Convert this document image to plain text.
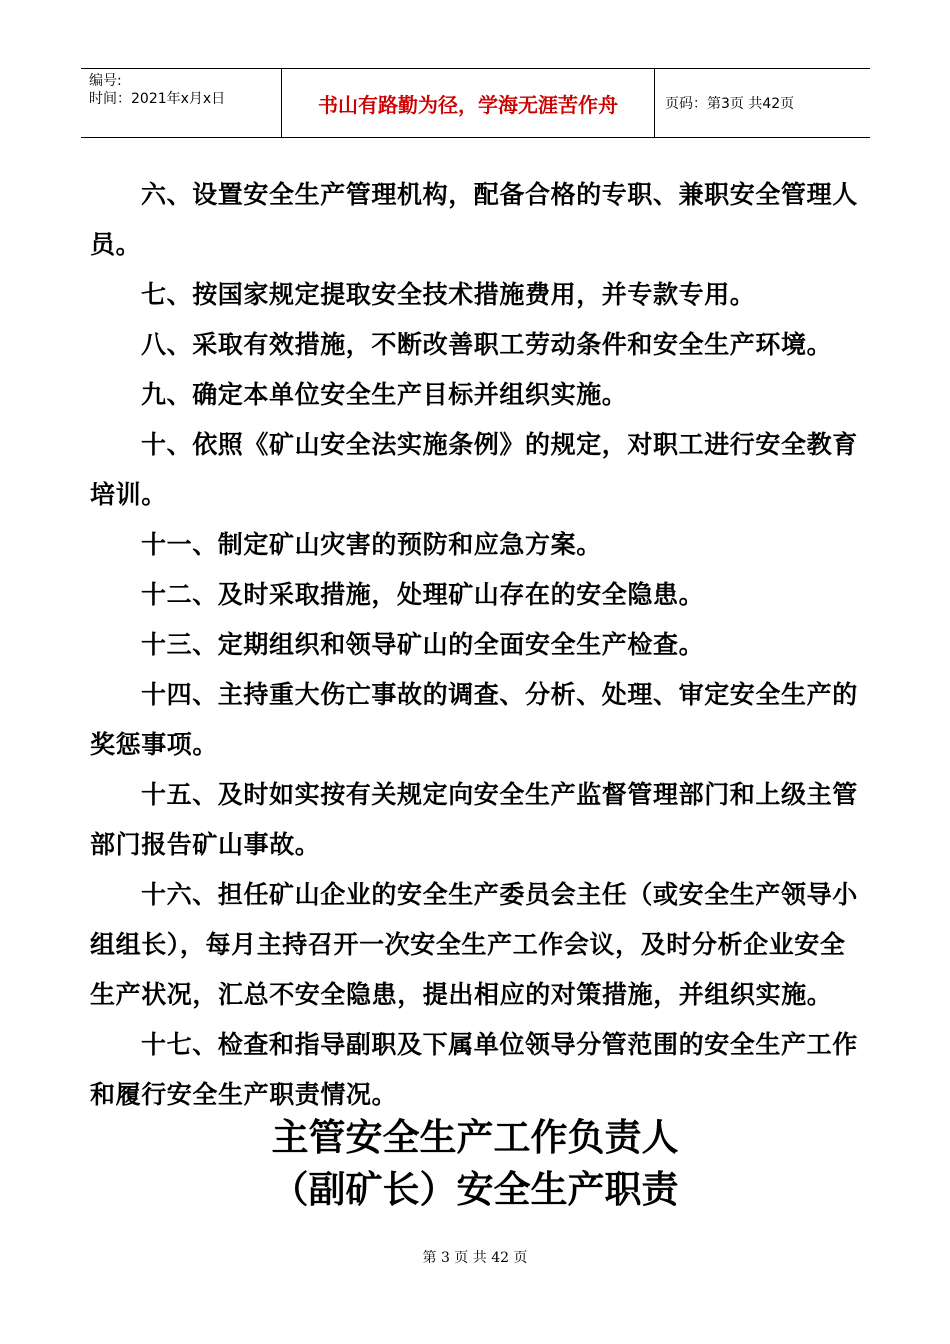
编号:
时间：2021年x月x日	书山有路勤为径，学海无涯苦作舟	页码：第3页 共42页

六、设置安全生产管理机构，配备合格的专职、兼职安全管理人员。

七、按国家规定提取安全技术措施费用，并专款专用。

八、采取有效措施，不断改善职工劳动条件和安全生产环境。

九、确定本单位安全生产目标并组织实施。

十、依照《矿山安全法实施条例》的规定，对职工进行安全教育培训。

十一、制定矿山灾害的预防和应急方案。

十二、及时采取措施，处理矿山存在的安全隐患。

十三、定期组织和领导矿山的全面安全生产检查。

十四、主持重大伤亡事故的调查、分析、处理、审定安全生产的奖惩事项。

十五、及时如实按有关规定向安全生产监督管理部门和上级主管部门报告矿山事故。

十六、担任矿山企业的安全生产委员会主任（或安全生产领导小组组长），每月主持召开一次安全生产工作会议，及时分析企业安全生产状况，汇总不安全隐患，提出相应的对策措施，并组织实施。

十七、检查和指导副职及下属单位领导分管范围的安全生产工作和履行安全生产职责情况。

主管安全生产工作负责人
（副矿长）安全生产职责
第 3 页 共 42 页
